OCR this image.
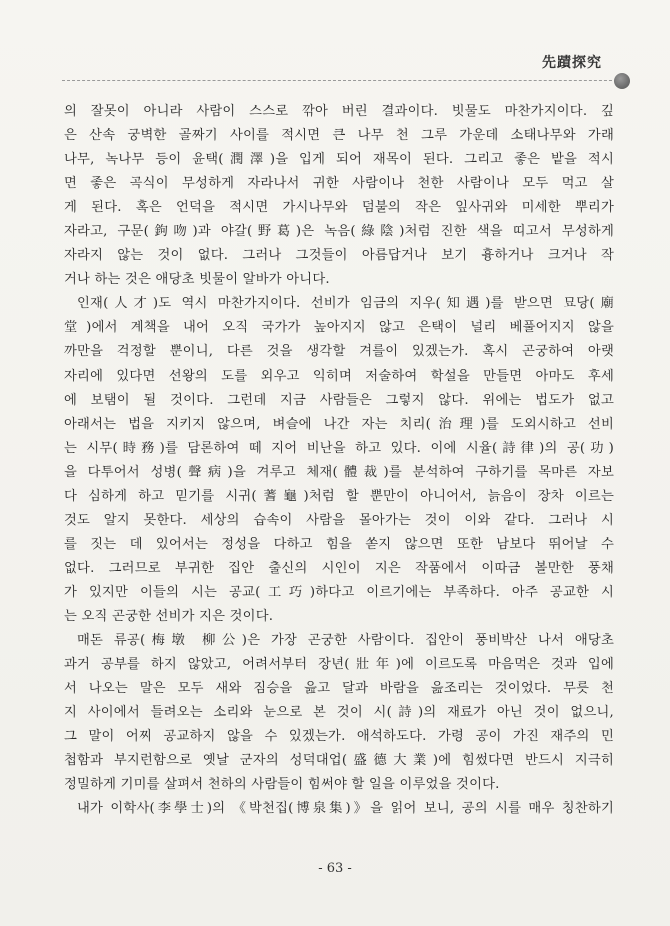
先蹟探究
의 잘못이 아니라 사람이 스스로 깎아 버린 결과이다. 빗물도 마찬가지이다. 깊
은 산속 궁벽한 골짜기 사이를 적시면 큰 나무 천 그루 가운데 소태나무와 가래
나무, 녹나무 등이 윤택(潤澤)을 입게 되어 재목이 된다. 그리고 좋은 밭을 적시
면 좋은 곡식이 무성하게 자라나서 귀한 사람이나 천한 사람이나 모두 먹고 살
게 된다. 혹은 언덕을 적시면 가시나무와 덤불의 작은 잎사귀와 미세한 뿌리가
자라고, 구문(鉤吻)과 야갈(野葛)은 녹음(綠陰)처럼 진한 색을 띠고서 무성하게
자라지 않는 것이 없다. 그러나 그것들이 아름답거나 보기 흉하거나 크거나 작
거나 하는 것은 애당초 빗물이 알바가 아니다.
인재(人才)도 역시 마찬가지이다. 선비가 임금의 지우(知遇)를 받으면 묘당(廟
堂)에서 계책을 내어 오직 국가가 높아지지 않고 은택이 널리 베풀어지지 않을
까만을 걱정할 뿐이니, 다른 것을 생각할 겨를이 있겠는가. 혹시 곤궁하여 아랫
자리에 있다면 선왕의 도를 외우고 익히며 저술하여 학설을 만들면 아마도 후세
에 보탬이 될 것이다. 그런데 지금 사람들은 그렇지 않다. 위에는 법도가 없고
아래서는 법을 지키지 않으며, 벼슬에 나간 자는 치리(治理)를 도외시하고 선비
는 시무(時務)를 담론하여 떼 지어 비난을 하고 있다. 이에 시율(詩律)의 공(功)
을 다투어서 성병(聲病)을 겨루고 체재(體裁)를 분석하여 구하기를 목마른 자보
다 심하게 하고 믿기를 시귀(蓍龜)처럼 할 뿐만이 아니어서, 늙음이 장차 이르는
것도 알지 못한다. 세상의 습속이 사람을 몰아가는 것이 이와 같다. 그러나 시
를 짓는 데 있어서는 정성을 다하고 힘을 쏟지 않으면 또한 남보다 뛰어날 수
없다. 그러므로 부귀한 집안 출신의 시인이 지은 작품에서 이따금 볼만한 풍채
가 있지만 이들의 시는 공교(工巧)하다고 이르기에는 부족하다. 아주 공교한 시
는 오직 곤궁한 선비가 지은 것이다.
매돈 류공(梅墩 柳公)은 가장 곤궁한 사람이다. 집안이 풍비박산 나서 애당초
과거 공부를 하지 않았고, 어려서부터 장년(壯年)에 이르도록 마음먹은 것과 입에
서 나오는 말은 모두 새와 짐승을 읊고 달과 바람을 읊조리는 것이었다. 무릇 천
지 사이에서 들려오는 소리와 눈으로 본 것이 시(詩)의 재료가 아닌 것이 없으니,
그 말이 어찌 공교하지 않을 수 있겠는가. 애석하도다. 가령 공이 가진 재주의 민
첩함과 부지런함으로 옛날 군자의 성덕대업(盛德大業)에 힘썼다면 반드시 지극히
정밀하게 기미를 살펴서 천하의 사람들이 힘써야 할 일을 이루었을 것이다.
내가 이학사(李學士)의 《박천집(博泉集)》을 읽어 보니, 공의 시를 매우 칭찬하기
- 63 -
